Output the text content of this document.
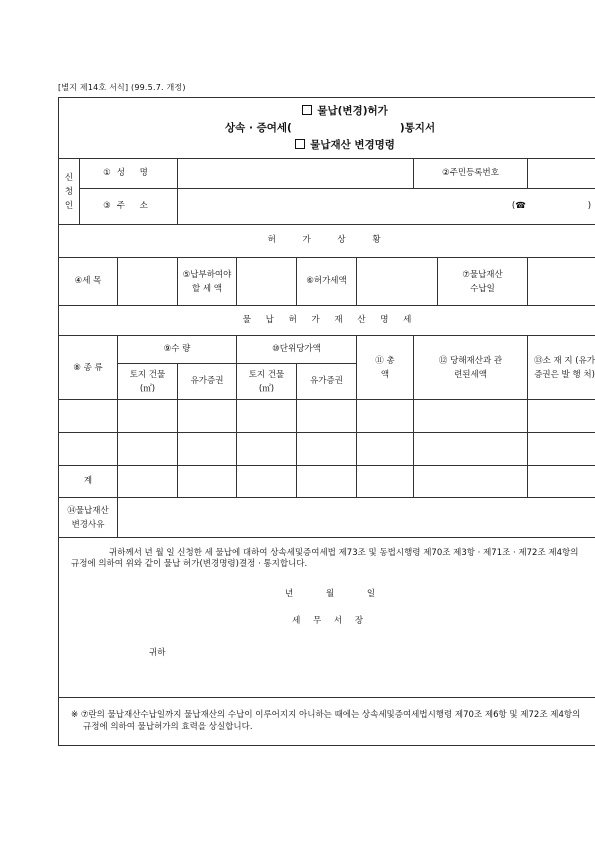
[별지 제14호 서식] (99.5.7. 개정)
물납(변경)허가
상속 · 증여세( )통지서
물납재산 변경명령									

신청인	①성 명						②주민등록번호		
	③주 소		(☎ )						
허 가 상 황									
④세 목			⑤납부하여야 할 세 액		⑥허가세액			⑦물납재산 수납일	
물 납 허 가 재 산 명 세									
⑧ 종 류		⑨수 량		⑩단위당가액		⑪ 총 액	⑫ 당해재산과 관련된세액		⑬소 재 지 (유가증권은 발 행 처)
		토지 건물(㎡)	유가증권	토지 건물(㎡)	유가증권				

계									
⑭물납재산 변경사유									

귀하께서 년 월 일 신청한 세 물납에 대하여 상속세및증여세법 제73조 및 동법시행령 제70조 제3항 · 제71조 · 제72조 제4항의 규정에 의하여 위와 같이 물납 허가(변경명령)결정 · 통지합니다.

년 월 일
세 무 서 장
귀하									

※ ⑦란의 물납재산수납일까지 물납재산의 수납이 이루어지지 아니하는 때에는 상속세및증여세법시행령 제70조 제6항 및 제72조 제4항의 규정에 의하여 물납허가의 효력을 상실합니다.									
